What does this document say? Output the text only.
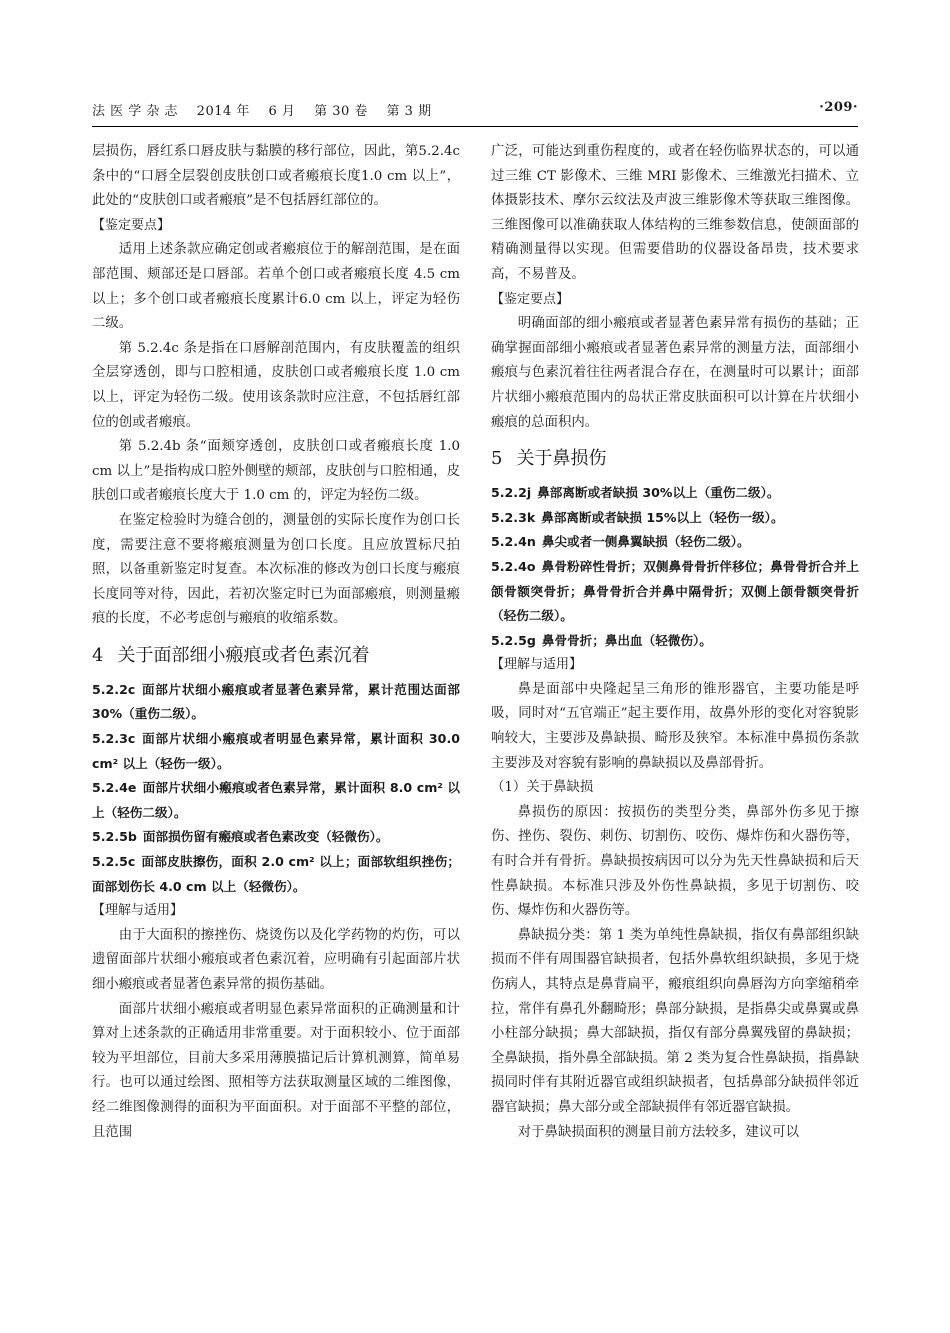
法 医 学 杂 志 2014 年 6 月 第 30 卷 第 3 期	·209·

层损伤，唇红系口唇皮肤与黏膜的移行部位，因此，第5.2.4c 条中的“口唇全层裂创皮肤创口或者瘢痕长度1.0 cm 以上”，此处的“皮肤创口或者瘢痕”是不包括唇红部位的。

【鉴定要点】

适用上述条款应确定创或者瘢痕位于的解剖范围，是在面部范围、颊部还是口唇部。若单个创口或者瘢痕长度 4.5 cm 以上；多个创口或者瘢痕长度累计6.0 cm 以上，评定为轻伤二级。

第 5.2.4c 条是指在口唇解剖范围内，有皮肤覆盖的组织全层穿透创，即与口腔相通，皮肤创口或者瘢痕长度 1.0 cm 以上，评定为轻伤二级。使用该条款时应注意，不包括唇红部位的创或者瘢痕。

第 5.2.4b 条“面颊穿透创，皮肤创口或者瘢痕长度 1.0 cm 以上”是指构成口腔外侧壁的颊部，皮肤创与口腔相通，皮肤创口或者瘢痕长度大于 1.0 cm 的，评定为轻伤二级。

在鉴定检验时为缝合创的，测量创的实际长度作为创口长度，需要注意不要将瘢痕测量为创口长度。且应放置标尺拍照，以备重新鉴定时复查。本次标准的修改为创口长度与瘢痕长度同等对待，因此，若初次鉴定时已为面部瘢痕，则测量瘢痕的长度，不必考虑创与瘢痕的收缩系数。

4 关于面部细小瘢痕或者色素沉着

5.2.2c 面部片状细小瘢痕或者显著色素异常，累计范围达面部 30%（重伤二级）。

5.2.3c 面部片状细小瘢痕或者明显色素异常，累计面积 30.0 cm² 以上（轻伤一级）。

5.2.4e 面部片状细小瘢痕或者色素异常，累计面积 8.0 cm² 以上（轻伤二级）。

5.2.5b 面部损伤留有瘢痕或者色素改变（轻微伤）。

5.2.5c 面部皮肤擦伤，面积 2.0 cm² 以上；面部软组织挫伤；面部划伤长 4.0 cm 以上（轻微伤）。

【理解与适用】

由于大面积的擦挫伤、烧烫伤以及化学药物的灼伤，可以遗留面部片状细小瘢痕或者色素沉着，应明确有引起面部片状细小瘢痕或者显著色素异常的损伤基础。

面部片状细小瘢痕或者明显色素异常面积的正确测量和计算对上述条款的正确适用非常重要。对于面积较小、位于面部较为平坦部位，目前大多采用薄膜描记后计算机测算，简单易行。也可以通过绘图、照相等方法获取测量区域的二维图像，经二维图像测得的面积为平面面积。对于面部不平整的部位，且范围

广泛，可能达到重伤程度的，或者在轻伤临界状态的，可以通过三维 CT 影像术、三维 MRI 影像术、三维激光扫描术、立体摄影技术、摩尔云纹法及声波三维影像术等获取三维图像。三维图像可以准确获取人体结构的三维参数信息，使颌面部的精确测量得以实现。但需要借助的仪器设备昂贵，技术要求高，不易普及。

【鉴定要点】

明确面部的细小瘢痕或者显著色素异常有损伤的基础；正确掌握面部细小瘢痕或者显著色素异常的测量方法，面部细小瘢痕与色素沉着往往两者混合存在，在测量时可以累计；面部片状细小瘢痕范围内的岛状正常皮肤面积可以计算在片状细小瘢痕的总面积内。

5 关于鼻损伤

5.2.2j 鼻部离断或者缺损 30%以上（重伤二级）。

5.2.3k 鼻部离断或者缺损 15%以上（轻伤一级）。

5.2.4n 鼻尖或者一侧鼻翼缺损（轻伤二级）。

5.2.4o 鼻骨粉碎性骨折；双侧鼻骨骨折伴移位；鼻骨骨折合并上颌骨额突骨折；鼻骨骨折合并鼻中隔骨折；双侧上颌骨额突骨折（轻伤二级）。

5.2.5g 鼻骨骨折；鼻出血（轻微伤）。

【理解与适用】

鼻是面部中央隆起呈三角形的锥形器官，主要功能是呼吸，同时对“五官端正”起主要作用，故鼻外形的变化对容貌影响较大，主要涉及鼻缺损、畸形及狭窄。本标准中鼻损伤条款主要涉及对容貌有影响的鼻缺损以及鼻部骨折。

（1）关于鼻缺损

鼻损伤的原因：按损伤的类型分类，鼻部外伤多见于擦伤、挫伤、裂伤、刺伤、切割伤、咬伤、爆炸伤和火器伤等，有时合并有骨折。鼻缺损按病因可以分为先天性鼻缺损和后天性鼻缺损。本标准只涉及外伤性鼻缺损，多见于切割伤、咬伤、爆炸伤和火器伤等。

鼻缺损分类：第 1 类为单纯性鼻缺损，指仅有鼻部组织缺损而不伴有周围器官缺损者，包括外鼻软组织缺损，多见于烧伤病人，其特点是鼻背扁平，瘢痕组织向鼻唇沟方向挛缩稍牵拉，常伴有鼻孔外翻畸形；鼻部分缺损，是指鼻尖或鼻翼或鼻小柱部分缺损；鼻大部缺损，指仅有部分鼻翼残留的鼻缺损；全鼻缺损，指外鼻全部缺损。第 2 类为复合性鼻缺损，指鼻缺损同时伴有其附近器官或组织缺损者，包括鼻部分缺损伴邻近器官缺损；鼻大部分或全部缺损伴有邻近器官缺损。

对于鼻缺损面积的测量目前方法较多，建议可以
